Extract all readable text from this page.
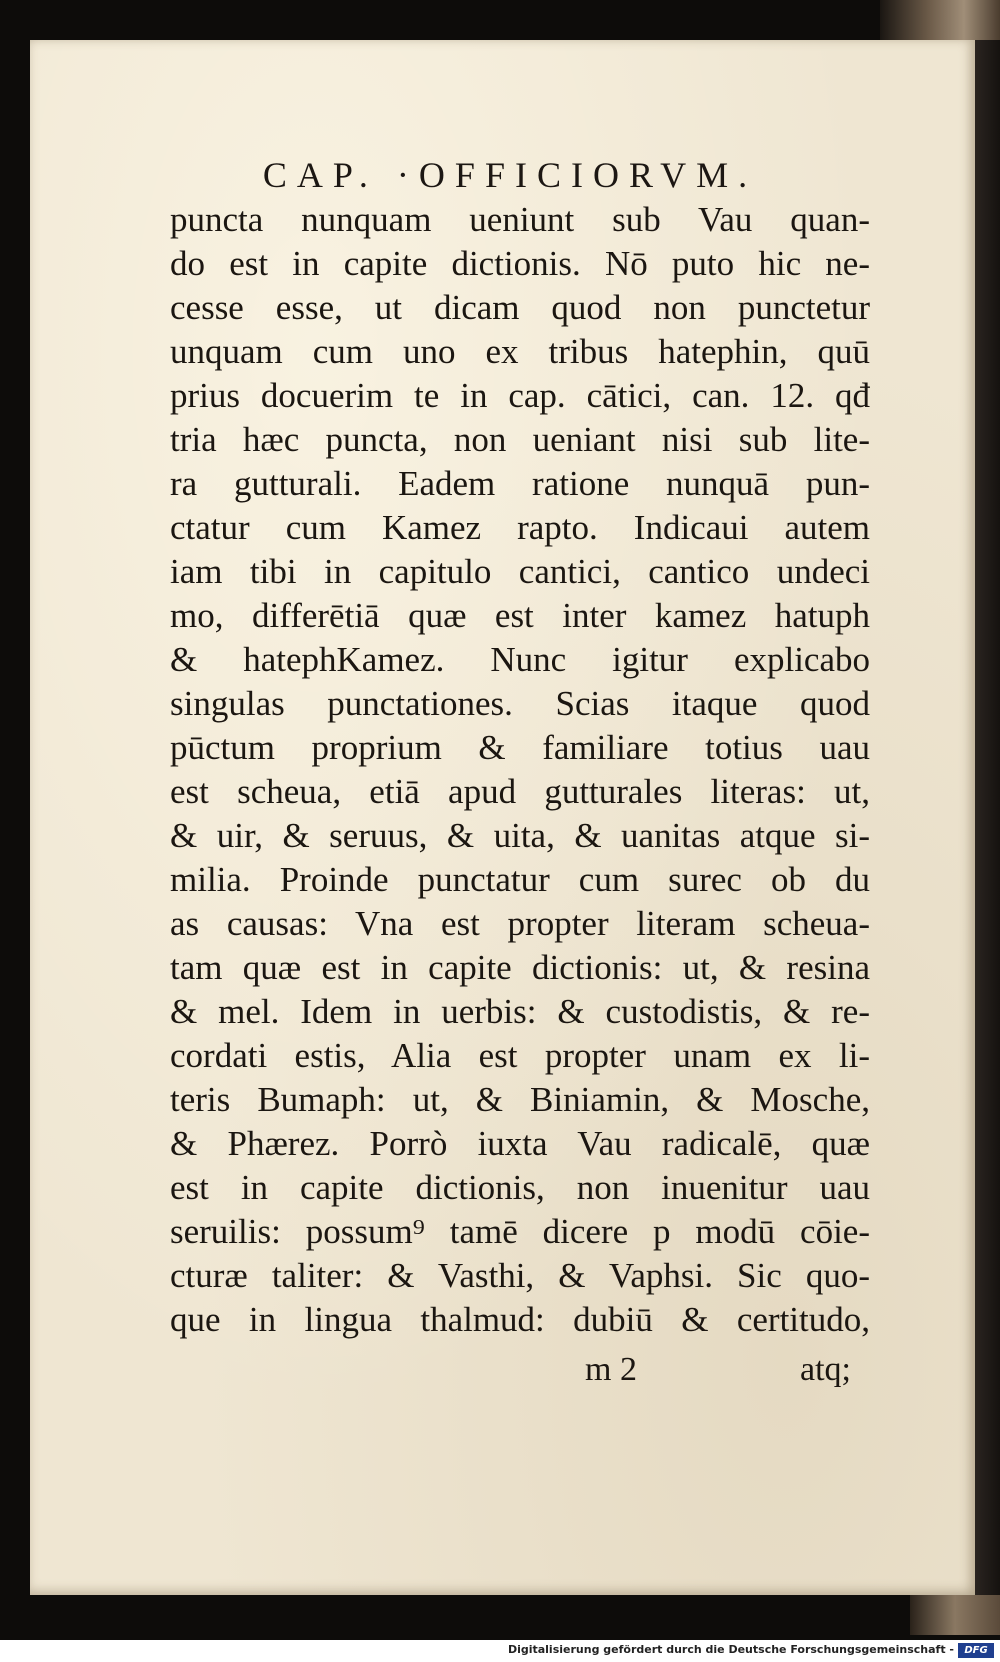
CAP. ·OFFICIORVM.
puncta nunquam ueniunt sub Vau quan-
do est in capite dictionis. Nō puto hic ne-
cesse esse, ut dicam quod non punctetur
unquam cum uno ex tribus hatephin, quū
prius docuerim te in cap. cātici, can. 12. qđ
tria hæc puncta, non ueniant nisi sub lite-
ra gutturali. Eadem ratione nunquā pun-
ctatur cum Kamez rapto. Indicaui autem
iam tibi in capitulo cantici, cantico undeci
mo, differētiā quæ est inter kamez hatuph
& hatephKamez. Nunc igitur explicabo
singulas punctationes. Scias itaque quod
pūctum proprium & familiare totius uau
est scheua, etiā apud gutturales literas: ut,
& uir, & seruus, & uita, & uanitas atque si-
milia. Proinde punctatur cum surec ob du
as causas: Vna est propter literam scheua-
tam quæ est in capite dictionis: ut, & resina
& mel. Idem in uerbis: & custodistis, & re-
cordati estis, Alia est propter unam ex li-
teris Bumaph: ut, & Biniamin, & Mosche,
& Phærez. Porrò iuxta Vau radicalē, quæ
est in capite dictionis, non inuenitur uau
seruilis: possum⁹ tamē dicere p modū cōie-
cturæ taliter: & Vasthi, & Vaphsi. Sic quo-
que in lingua thalmud: dubiū & certitudo,
m 2	atq;
Digitalisierung gefördert durch die Deutsche Forschungsgemeinschaft -	DFG
